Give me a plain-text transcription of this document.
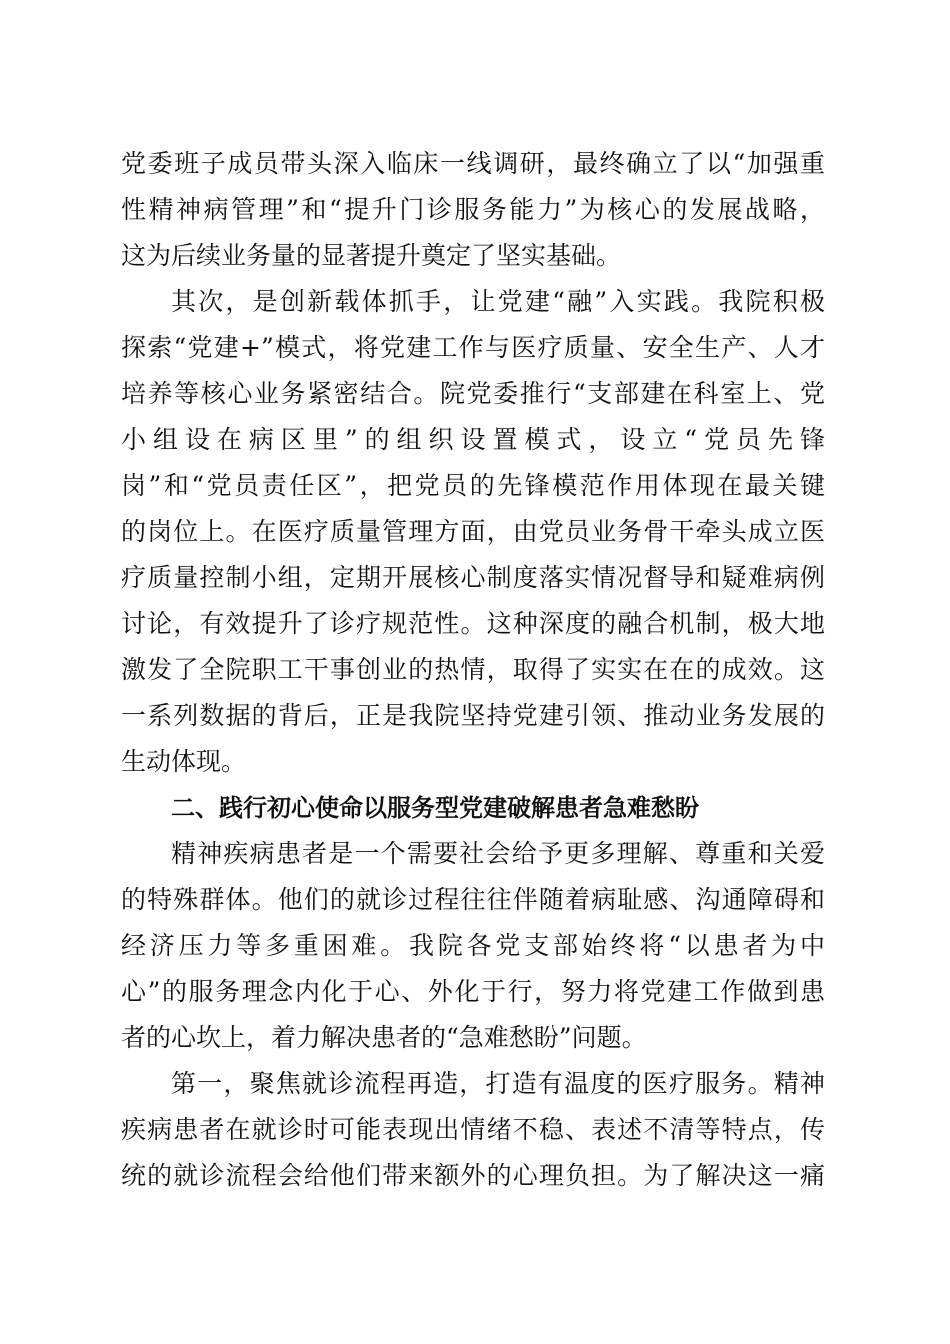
党委班子成员带头深入临床一线调研，最终确立了以“加强重
性精神病管理”和“提升门诊服务能力”为核心的发展战略，
这为后续业务量的显著提升奠定了坚实基础。
其次，是创新载体抓手，让党建“融”入实践。我院积极
探索“党建+”模式，将党建工作与医疗质量、安全生产、人才
培养等核心业务紧密结合。院党委推行“支部建在科室上、党
小组设在病区里”的组织设置模式，设立“党员先锋
岗”和“党员责任区”，把党员的先锋模范作用体现在最关键
的岗位上。在医疗质量管理方面，由党员业务骨干牵头成立医
疗质量控制小组，定期开展核心制度落实情况督导和疑难病例
讨论，有效提升了诊疗规范性。这种深度的融合机制，极大地
激发了全院职工干事创业的热情，取得了实实在在的成效。这
一系列数据的背后，正是我院坚持党建引领、推动业务发展的
生动体现。
二、践行初心使命以服务型党建破解患者急难愁盼
精神疾病患者是一个需要社会给予更多理解、尊重和关爱
的特殊群体。他们的就诊过程往往伴随着病耻感、沟通障碍和
经济压力等多重困难。我院各党支部始终将“以患者为中
心”的服务理念内化于心、外化于行，努力将党建工作做到患
者的心坎上，着力解决患者的“急难愁盼”问题。
第一，聚焦就诊流程再造，打造有温度的医疗服务。精神
疾病患者在就诊时可能表现出情绪不稳、表述不清等特点，传
统的就诊流程会给他们带来额外的心理负担。为了解决这一痛
